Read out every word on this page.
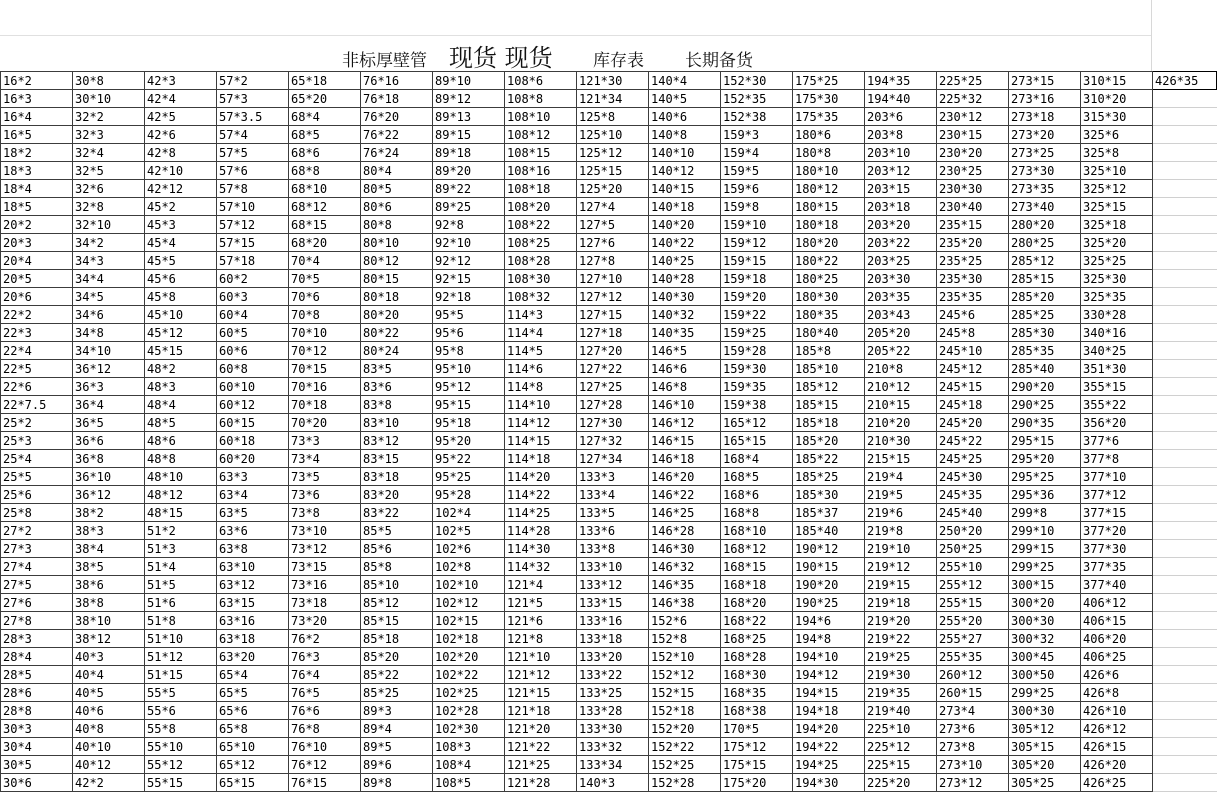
非标厚壁管 现货 现货 库存表 长期备货
16*2	30*8	42*3	57*2	65*18	76*16	89*10	108*6	121*30	140*4	152*30	175*25	194*35	225*25	273*15	310*15	426*35
16*3	30*10	42*4	57*3	65*20	76*18	89*12	108*8	121*34	140*5	152*35	175*30	194*40	225*32	273*16	310*20	
16*4	32*2	42*5	57*3.5	68*4	76*20	89*13	108*10	125*8	140*6	152*38	175*35	203*6	230*12	273*18	315*30	
16*5	32*3	42*6	57*4	68*5	76*22	89*15	108*12	125*10	140*8	159*3	180*6	203*8	230*15	273*20	325*6	
18*2	32*4	42*8	57*5	68*6	76*24	89*18	108*15	125*12	140*10	159*4	180*8	203*10	230*20	273*25	325*8	
18*3	32*5	42*10	57*6	68*8	80*4	89*20	108*16	125*15	140*12	159*5	180*10	203*12	230*25	273*30	325*10	
18*4	32*6	42*12	57*8	68*10	80*5	89*22	108*18	125*20	140*15	159*6	180*12	203*15	230*30	273*35	325*12	
18*5	32*8	45*2	57*10	68*12	80*6	89*25	108*20	127*4	140*18	159*8	180*15	203*18	230*40	273*40	325*15	
20*2	32*10	45*3	57*12	68*15	80*8	92*8	108*22	127*5	140*20	159*10	180*18	203*20	235*15	280*20	325*18	
20*3	34*2	45*4	57*15	68*20	80*10	92*10	108*25	127*6	140*22	159*12	180*20	203*22	235*20	280*25	325*20	
20*4	34*3	45*5	57*18	70*4	80*12	92*12	108*28	127*8	140*25	159*15	180*22	203*25	235*25	285*12	325*25	
20*5	34*4	45*6	60*2	70*5	80*15	92*15	108*30	127*10	140*28	159*18	180*25	203*30	235*30	285*15	325*30	
20*6	34*5	45*8	60*3	70*6	80*18	92*18	108*32	127*12	140*30	159*20	180*30	203*35	235*35	285*20	325*35	
22*2	34*6	45*10	60*4	70*8	80*20	95*5	114*3	127*15	140*32	159*22	180*35	203*43	245*6	285*25	330*28	
22*3	34*8	45*12	60*5	70*10	80*22	95*6	114*4	127*18	140*35	159*25	180*40	205*20	245*8	285*30	340*16	
22*4	34*10	45*15	60*6	70*12	80*24	95*8	114*5	127*20	146*5	159*28	185*8	205*22	245*10	285*35	340*25	
22*5	36*12	48*2	60*8	70*15	83*5	95*10	114*6	127*22	146*6	159*30	185*10	210*8	245*12	285*40	351*30	
22*6	36*3	48*3	60*10	70*16	83*6	95*12	114*8	127*25	146*8	159*35	185*12	210*12	245*15	290*20	355*15	
22*7.5	36*4	48*4	60*12	70*18	83*8	95*15	114*10	127*28	146*10	159*38	185*15	210*15	245*18	290*25	355*22	
25*2	36*5	48*5	60*15	70*20	83*10	95*18	114*12	127*30	146*12	165*12	185*18	210*20	245*20	290*35	356*20	
25*3	36*6	48*6	60*18	73*3	83*12	95*20	114*15	127*32	146*15	165*15	185*20	210*30	245*22	295*15	377*6	
25*4	36*8	48*8	60*20	73*4	83*15	95*22	114*18	127*34	146*18	168*4	185*22	215*15	245*25	295*20	377*8	
25*5	36*10	48*10	63*3	73*5	83*18	95*25	114*20	133*3	146*20	168*5	185*25	219*4	245*30	295*25	377*10	
25*6	36*12	48*12	63*4	73*6	83*20	95*28	114*22	133*4	146*22	168*6	185*30	219*5	245*35	295*36	377*12	
25*8	38*2	48*15	63*5	73*8	83*22	102*4	114*25	133*5	146*25	168*8	185*37	219*6	245*40	299*8	377*15	
27*2	38*3	51*2	63*6	73*10	85*5	102*5	114*28	133*6	146*28	168*10	185*40	219*8	250*20	299*10	377*20	
27*3	38*4	51*3	63*8	73*12	85*6	102*6	114*30	133*8	146*30	168*12	190*12	219*10	250*25	299*15	377*30	
27*4	38*5	51*4	63*10	73*15	85*8	102*8	114*32	133*10	146*32	168*15	190*15	219*12	255*10	299*25	377*35	
27*5	38*6	51*5	63*12	73*16	85*10	102*10	121*4	133*12	146*35	168*18	190*20	219*15	255*12	300*15	377*40	
27*6	38*8	51*6	63*15	73*18	85*12	102*12	121*5	133*15	146*38	168*20	190*25	219*18	255*15	300*20	406*12	
27*8	38*10	51*8	63*16	73*20	85*15	102*15	121*6	133*16	152*6	168*22	194*6	219*20	255*20	300*30	406*15	
28*3	38*12	51*10	63*18	76*2	85*18	102*18	121*8	133*18	152*8	168*25	194*8	219*22	255*27	300*32	406*20	
28*4	40*3	51*12	63*20	76*3	85*20	102*20	121*10	133*20	152*10	168*28	194*10	219*25	255*35	300*45	406*25	
28*5	40*4	51*15	65*4	76*4	85*22	102*22	121*12	133*22	152*12	168*30	194*12	219*30	260*12	300*50	426*6	
28*6	40*5	55*5	65*5	76*5	85*25	102*25	121*15	133*25	152*15	168*35	194*15	219*35	260*15	299*25	426*8	
28*8	40*6	55*6	65*6	76*6	89*3	102*28	121*18	133*28	152*18	168*38	194*18	219*40	273*4	300*30	426*10	
30*3	40*8	55*8	65*8	76*8	89*4	102*30	121*20	133*30	152*20	170*5	194*20	225*10	273*6	305*12	426*12	
30*4	40*10	55*10	65*10	76*10	89*5	108*3	121*22	133*32	152*22	175*12	194*22	225*12	273*8	305*15	426*15	
30*5	40*12	55*12	65*12	76*12	89*6	108*4	121*25	133*34	152*25	175*15	194*25	225*15	273*10	305*20	426*20	
30*6	42*2	55*15	65*15	76*15	89*8	108*5	121*28	140*3	152*28	175*20	194*30	225*20	273*12	305*25	426*25	
